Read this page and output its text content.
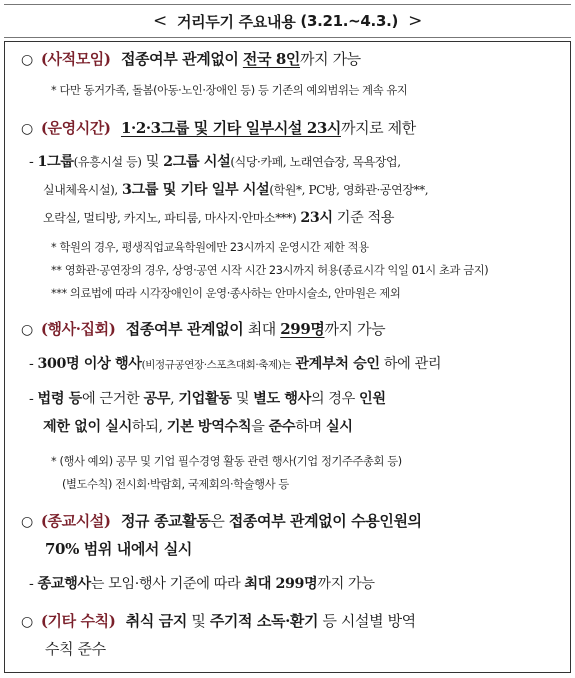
< 거리두기 주요내용 (3.21.~4.3.) >
○ (사적모임) 접종여부 관계없이 전국 8인까지 가능
* 다만 동거가족, 돌봄(아동·노인·장애인 등) 등 기존의 예외범위는 계속 유지
○ (운영시간) 1·2·3그룹 및 기타 일부시설 23시까지로 제한
- 1그룹(유흥시설 등) 및 2그룹 시설(식당·카페, 노래연습장, 목욕장업,
실내체육시설), 3그룹 및 기타 일부 시설(학원*, PC방, 영화관·공연장**,
오락실, 멀티방, 카지노, 파티룸, 마사지·안마소***) 23시 기준 적용
* 학원의 경우, 평생직업교육학원에만 23시까지 운영시간 제한 적용
** 영화관·공연장의 경우, 상영·공연 시작 시간 23시까지 허용(종료시각 익일 01시 초과 금지)
*** 의료법에 따라 시각장애인이 운영·종사하는 안마시술소, 안마원은 제외
○ (행사·집회) 접종여부 관계없이 최대 299명까지 가능
- 300명 이상 행사(비정규공연장·스포츠대회·축제)는 관계부처 승인 하에 관리
- 법령 등에 근거한 공무, 기업활동 및 별도 행사의 경우 인원
제한 없이 실시하되, 기본 방역수칙을 준수하며 실시
* (행사 예외) 공무 및 기업 필수경영 활동 관련 행사(기업 정기주주총회 등)
(별도수칙) 전시회·박람회, 국제회의·학술행사 등
○ (종교시설) 정규 종교활동은 접종여부 관계없이 수용인원의
70% 범위 내에서 실시
- 종교행사는 모임·행사 기준에 따라 최대 299명까지 가능
○ (기타 수칙) 취식 금지 및 주기적 소독·환기 등 시설별 방역
수칙 준수
